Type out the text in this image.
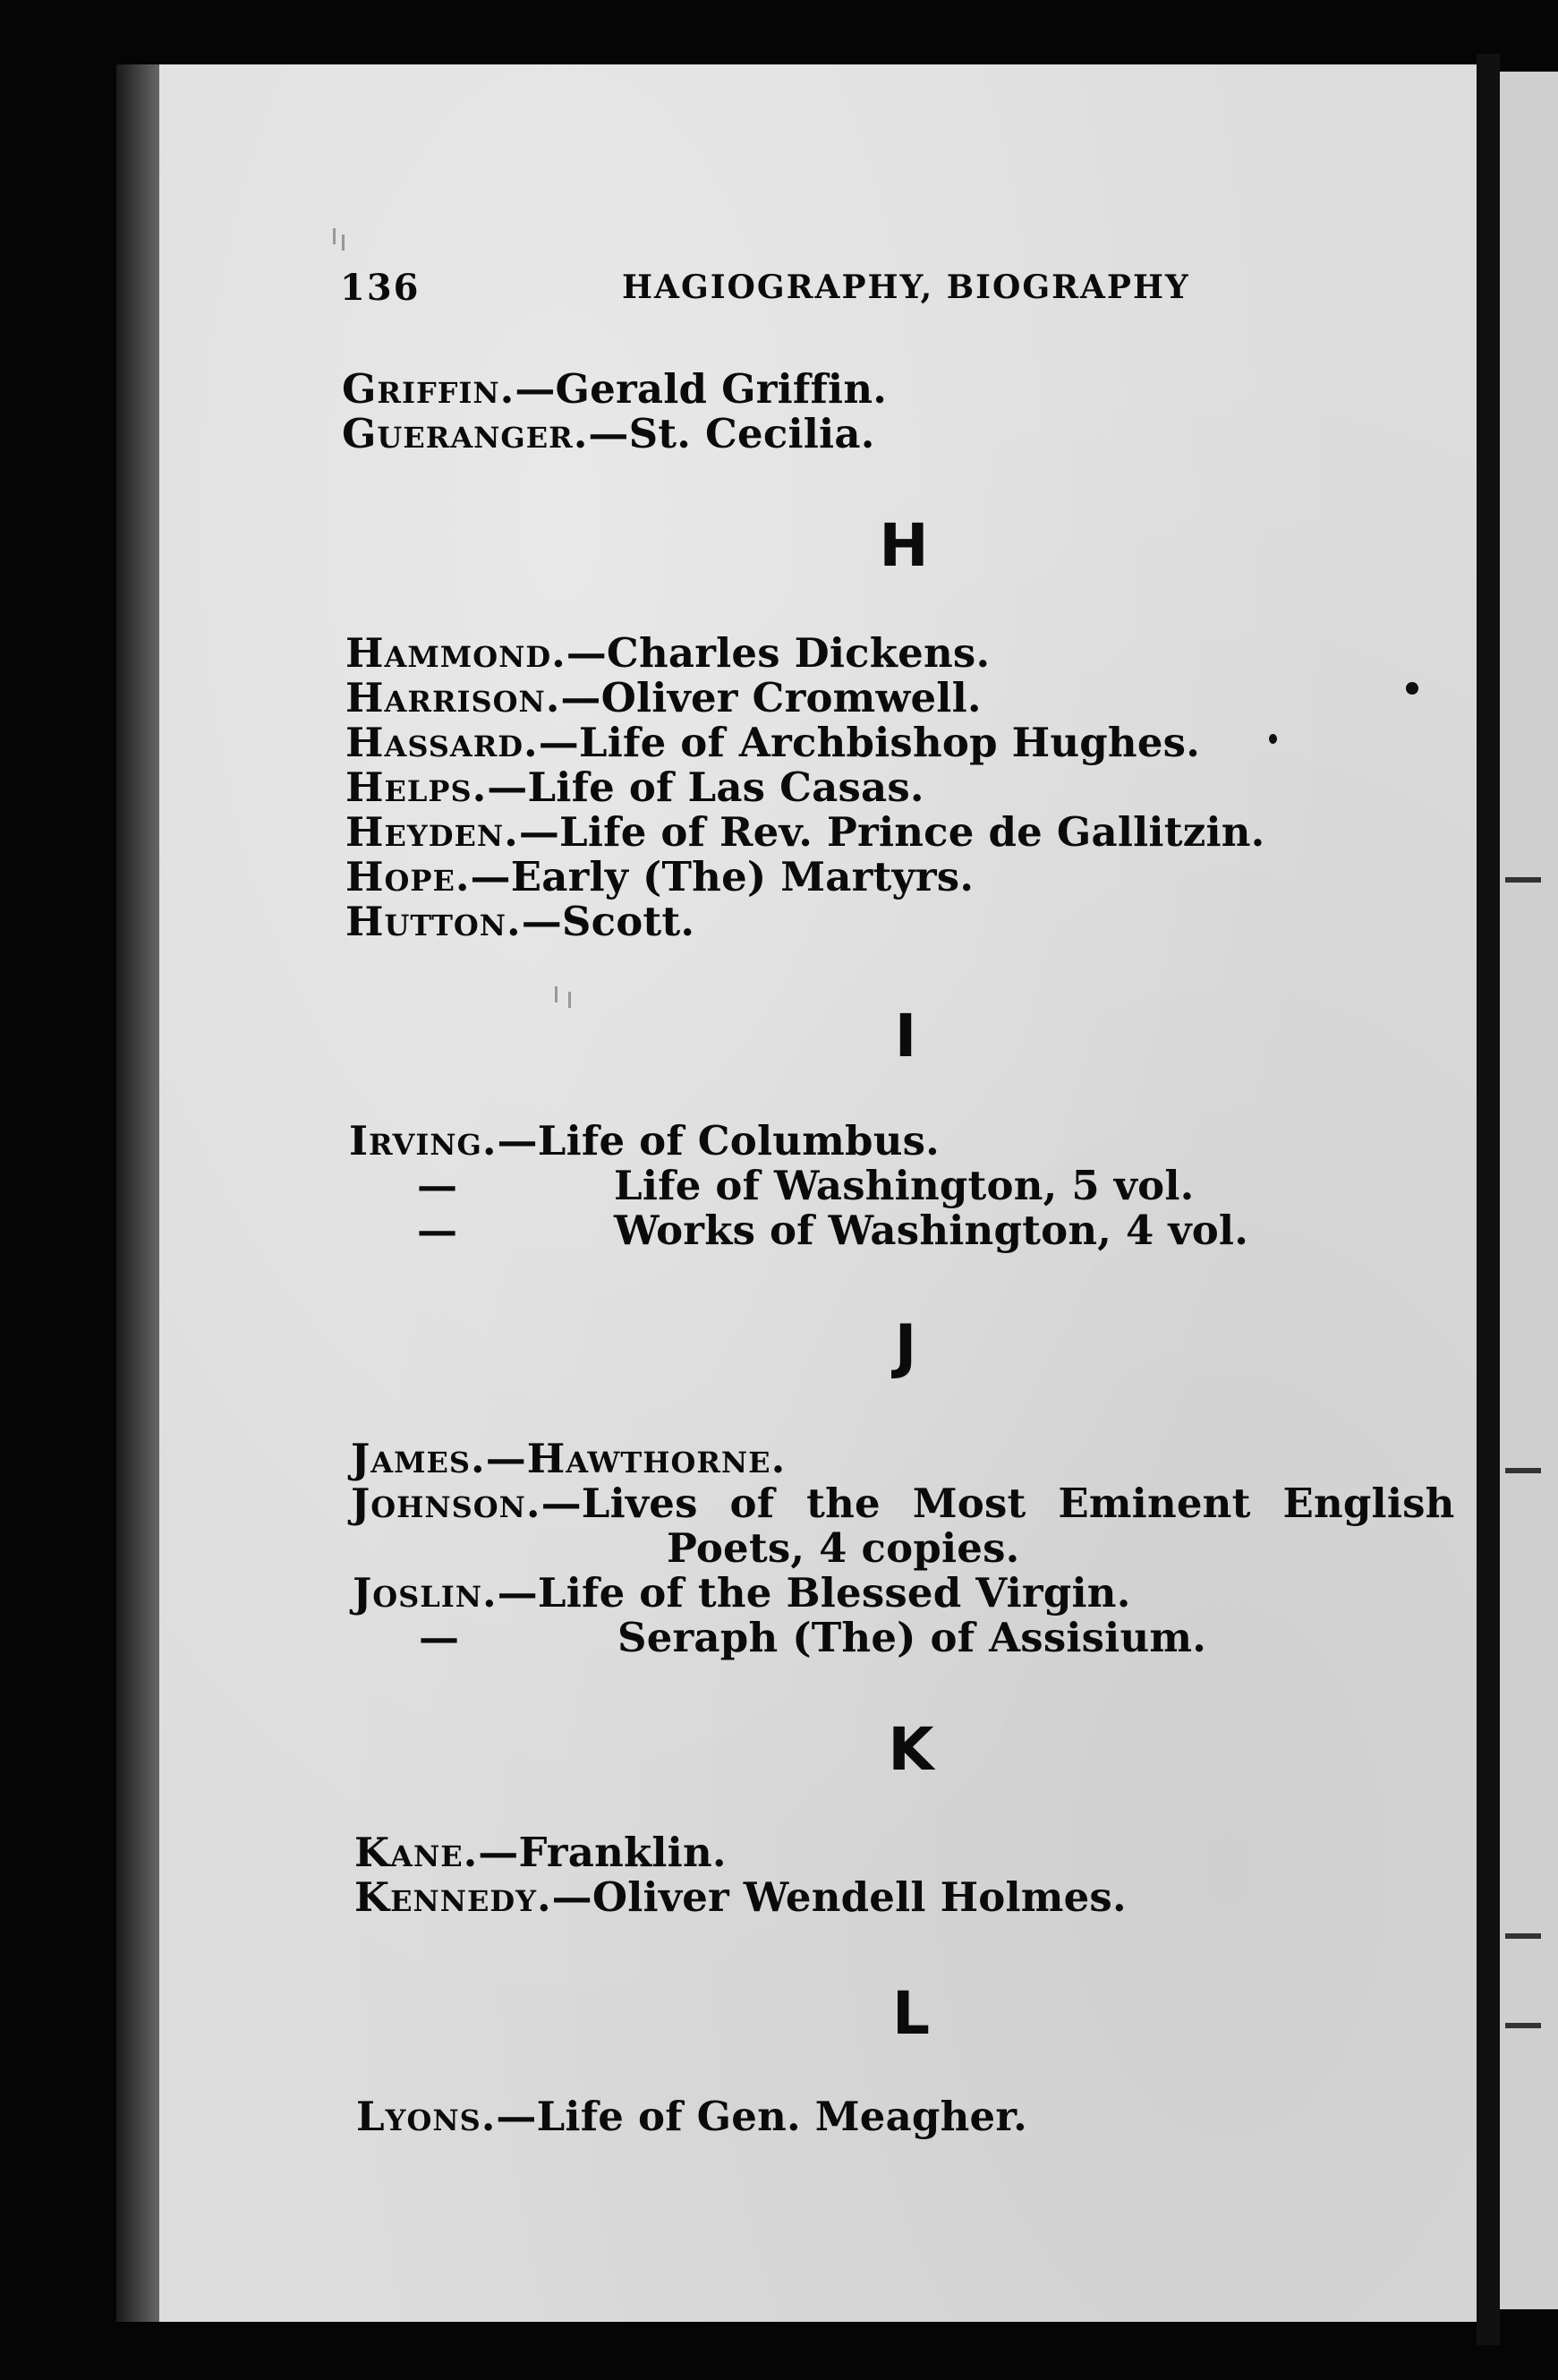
136	HAGIOGRAPHY, BIOGRAPHY
Griffin.—Gerald Griffin.
Gueranger.—St. Cecilia.
H
Hammond.—Charles Dickens.
Harrison.—Oliver Cromwell.
Hassard.—Life of Archbishop Hughes.
Helps.—Life of Las Casas.
Heyden.—Life of Rev. Prince de Gallitzin.
Hope.—Early (The) Martyrs.
Hutton.—Scott.
I
Irving.—Life of Columbus.
—	Life of Washington, 5 vol.
—	Works of Washington, 4 vol.
J
James.—Hawthorne.
Johnson.—Lives of the Most Eminent English
Poets, 4 copies.
Joslin.—Life of the Blessed Virgin.
—	Seraph (The) of Assisium.
K
Kane.—Franklin.
Kennedy.—Oliver Wendell Holmes.
L
Lyons.—Life of Gen. Meagher.
